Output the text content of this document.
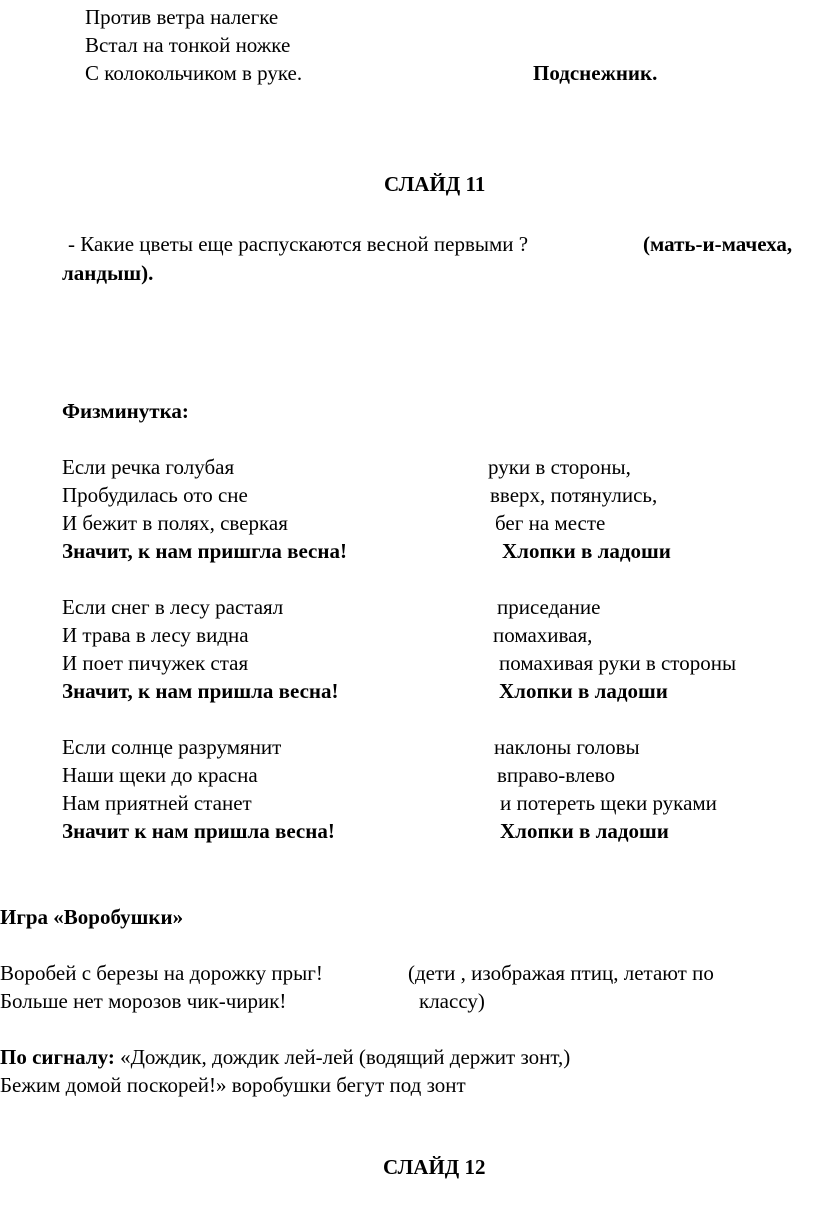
Против ветра налегке
Встал на тонкой ножке
С колокольчиком в руке.	Подснежник.
СЛАЙД 11
- Какие цветы еще распускаются весной первыми ?	(мать-и-мачеха,
ландыш).
Физминутка:
Если речка голубая	руки в стороны,
Пробудилась ото сне	вверх, потянулись,
И бежит в полях, сверкая	бег на месте
Значит, к нам пришгла весна!	Хлопки в ладоши
Если снег в лесу растаял	приседание
И трава в лесу видна	помахивая,
И поет пичужек стая	помахивая руки в стороны
Значит, к нам пришла весна!	Хлопки в ладоши
Если солнце разрумянит	наклоны головы
Наши щеки до красна	вправо-влево
Нам приятней станет	и потереть щеки руками
Значит к нам пришла весна!	Хлопки в ладоши
Игра «Воробушки»
Воробей с березы на дорожку прыг!	(дети , изображая птиц, летают по
Больше нет морозов чик-чирик!	классу)
По сигналу: «Дождик, дождик лей-лей (водящий держит зонт,)
Бежим домой поскорей!» воробушки бегут под зонт
СЛАЙД 12
